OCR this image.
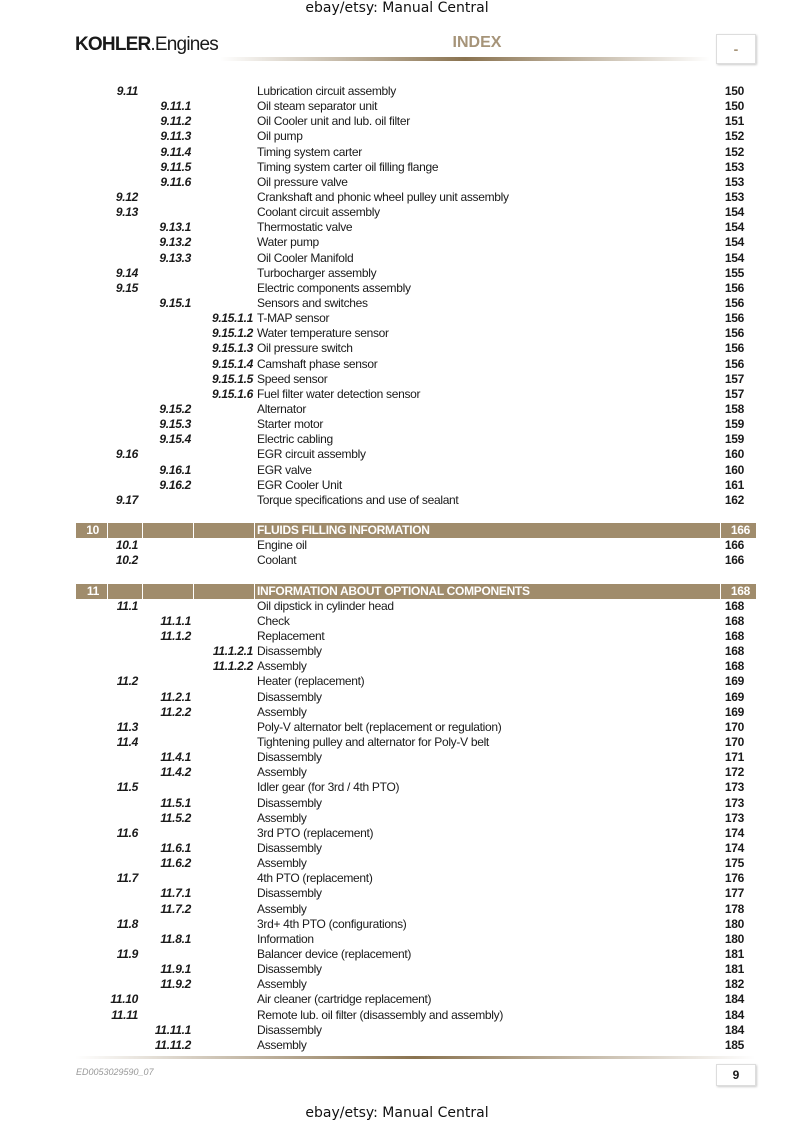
ebay/etsy: Manual Central
KOHLER.Engines	INDEX	-
9.11	Lubrication circuit assembly	150
9.11.1	Oil steam separator unit	150
9.11.2	Oil Cooler unit and lub. oil filter	151
9.11.3	Oil pump	152
9.11.4	Timing system carter	152
9.11.5	Timing system carter oil filling flange	153
9.11.6	Oil pressure valve	153
9.12	Crankshaft and phonic wheel pulley unit assembly	153
9.13	Coolant circuit assembly	154
9.13.1	Thermostatic valve	154
9.13.2	Water pump	154
9.13.3	Oil Cooler Manifold	154
9.14	Turbocharger assembly	155
9.15	Electric components assembly	156
9.15.1	Sensors and switches	156
9.15.1.1 T-MAP sensor	156
9.15.1.2 Water temperature sensor	156
9.15.1.3 Oil pressure switch	156
9.15.1.4 Camshaft phase sensor	156
9.15.1.5 Speed sensor	157
9.15.1.6 Fuel filter water detection sensor	157
9.15.2	Alternator	158
9.15.3	Starter motor	159
9.15.4	Electric cabling	159
9.16	EGR circuit assembly	160
9.16.1	EGR valve	160
9.16.2	EGR Cooler Unit	161
9.17	Torque specifications and use of sealant	162
10	FLUIDS FILLING INFORMATION	166
10.1	Engine oil	166
10.2	Coolant	166
11	INFORMATION ABOUT OPTIONAL COMPONENTS	168
11.1	Oil dipstick in cylinder head	168
11.1.1	Check	168
11.1.2	Replacement	168
11.1.2.1 Disassembly	168
11.1.2.2 Assembly	168
11.2	Heater (replacement)	169
11.2.1	Disassembly	169
11.2.2	Assembly	169
11.3	Poly-V alternator belt (replacement or regulation)	170
11.4	Tightening pulley and alternator for Poly-V belt	170
11.4.1	Disassembly	171
11.4.2	Assembly	172
11.5	Idler gear (for 3rd / 4th PTO)	173
11.5.1	Disassembly	173
11.5.2	Assembly	173
11.6	3rd PTO (replacement)	174
11.6.1	Disassembly	174
11.6.2	Assembly	175
11.7	4th PTO (replacement)	176
11.7.1	Disassembly	177
11.7.2	Assembly	178
11.8	3rd+ 4th PTO (configurations)	180
11.8.1	Information	180
11.9	Balancer device (replacement)	181
11.9.1	Disassembly	181
11.9.2	Assembly	182
11.10	Air cleaner (cartridge replacement)	184
11.11	Remote lub. oil filter (disassembly and assembly)	184
11.11.1	Disassembly	184
11.11.2	Assembly	185
ED0053029590_07	9
ebay/etsy: Manual Central
